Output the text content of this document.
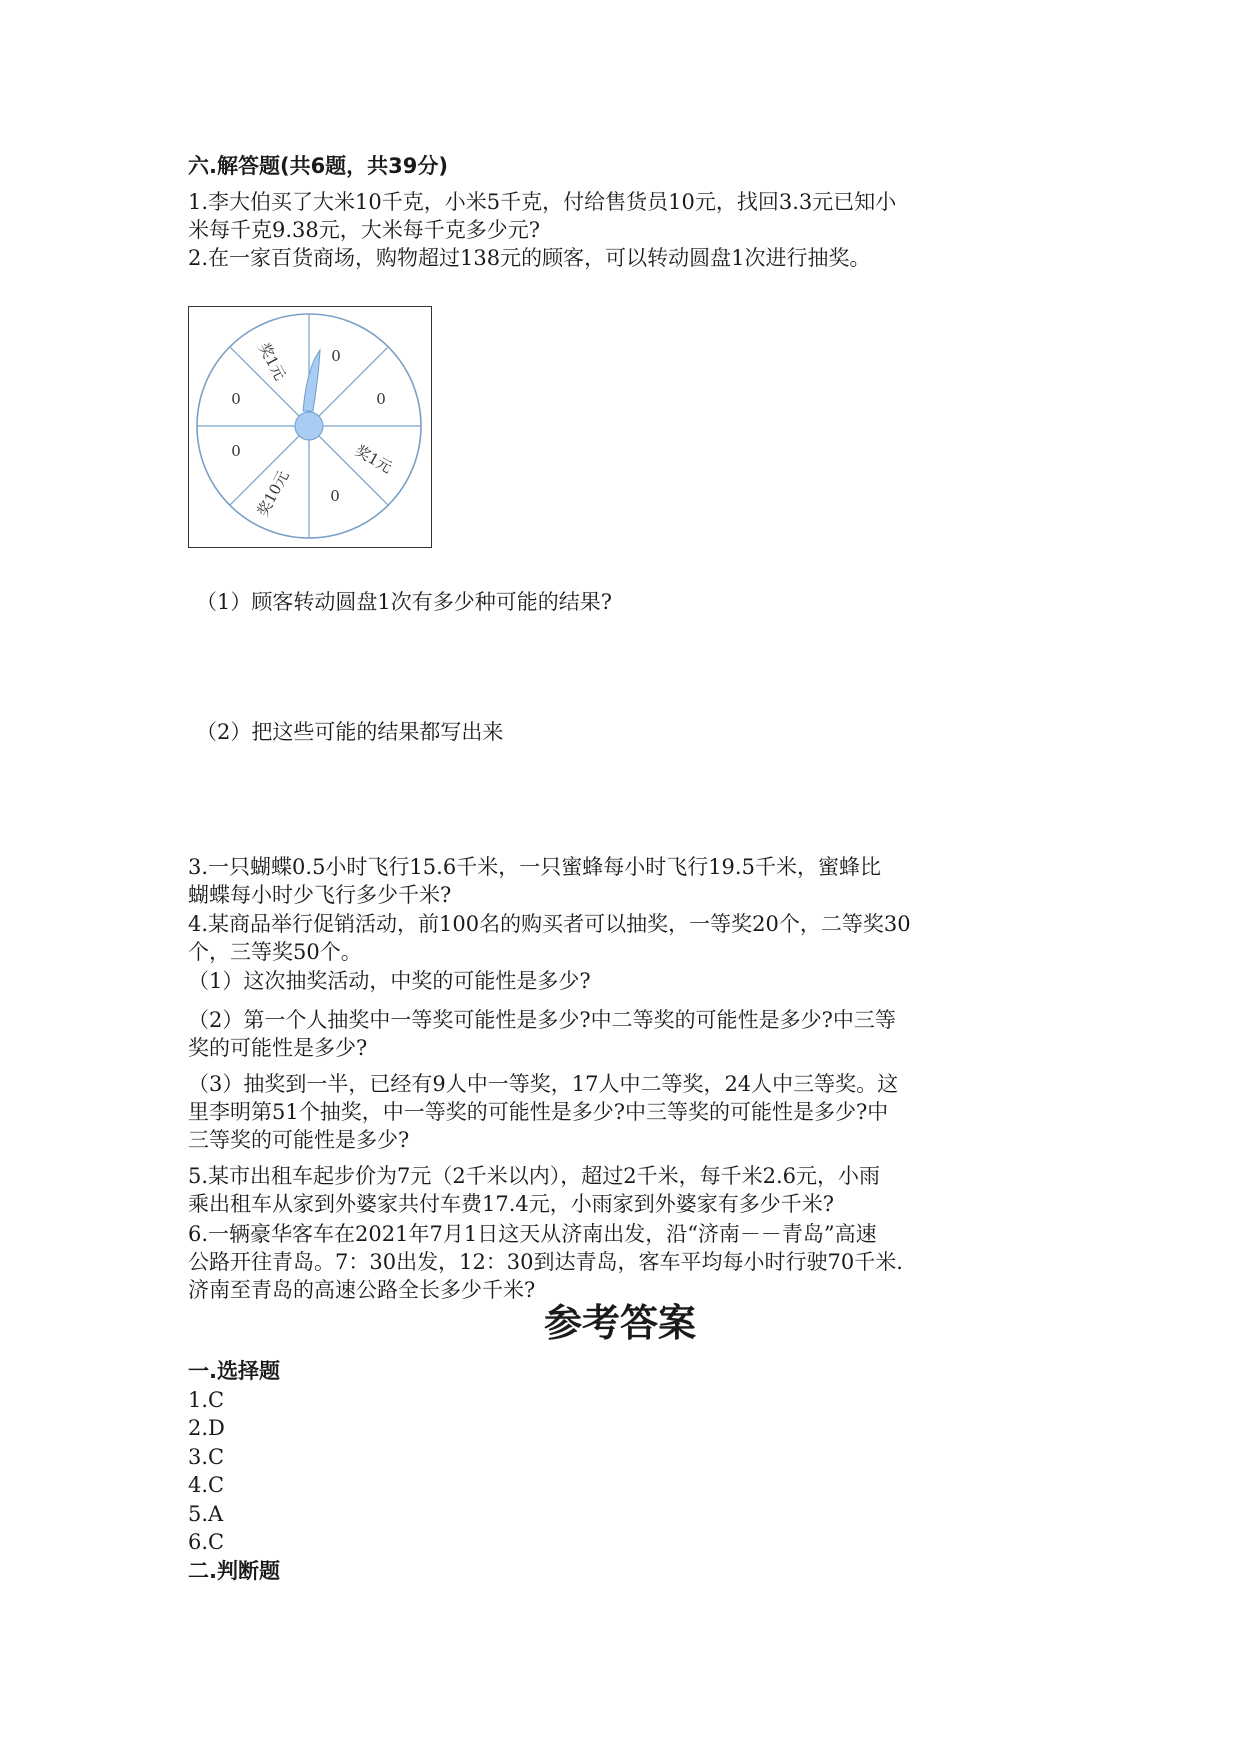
六.解答题(共6题，共39分)
1.李大伯买了大米10千克，小米5千克，付给售货员10元，找回3.3元已知小
米每千克9.38元，大米每千克多少元?
2.在一家百货商场，购物超过138元的顾客，可以转动圆盘1次进行抽奖。
奖1元	0
0
奖1元
0
奖10元
0
0
（1）顾客转动圆盘1次有多少种可能的结果?
（2）把这些可能的结果都写出来
3.一只蝴蝶0.5小时飞行15.6千米，一只蜜蜂每小时飞行19.5千米，蜜蜂比
蝴蝶每小时少飞行多少千米?
4.某商品举行促销活动，前100名的购买者可以抽奖，一等奖20个，二等奖30
个，三等奖50个。
（1）这次抽奖活动，中奖的可能性是多少?
（2）第一个人抽奖中一等奖可能性是多少?中二等奖的可能性是多少?中三等
奖的可能性是多少?
（3）抽奖到一半，已经有9人中一等奖，17人中二等奖，24人中三等奖。这
里李明第51个抽奖，中一等奖的可能性是多少?中三等奖的可能性是多少?中
三等奖的可能性是多少?
5.某市出租车起步价为7元（2千米以内），超过2千米，每千米2.6元，小雨
乘出租车从家到外婆家共付车费17.4元，小雨家到外婆家有多少千米?
6.一辆豪华客车在2021年7月1日这天从济南出发，沿“济南－－青岛”高速
公路开往青岛。7：30出发，12：30到达青岛，客车平均每小时行驶70千米.
济南至青岛的高速公路全长多少千米?
参考答案
一.选择题
1.C
2.D
3.C
4.C
5.A
6.C
二.判断题
